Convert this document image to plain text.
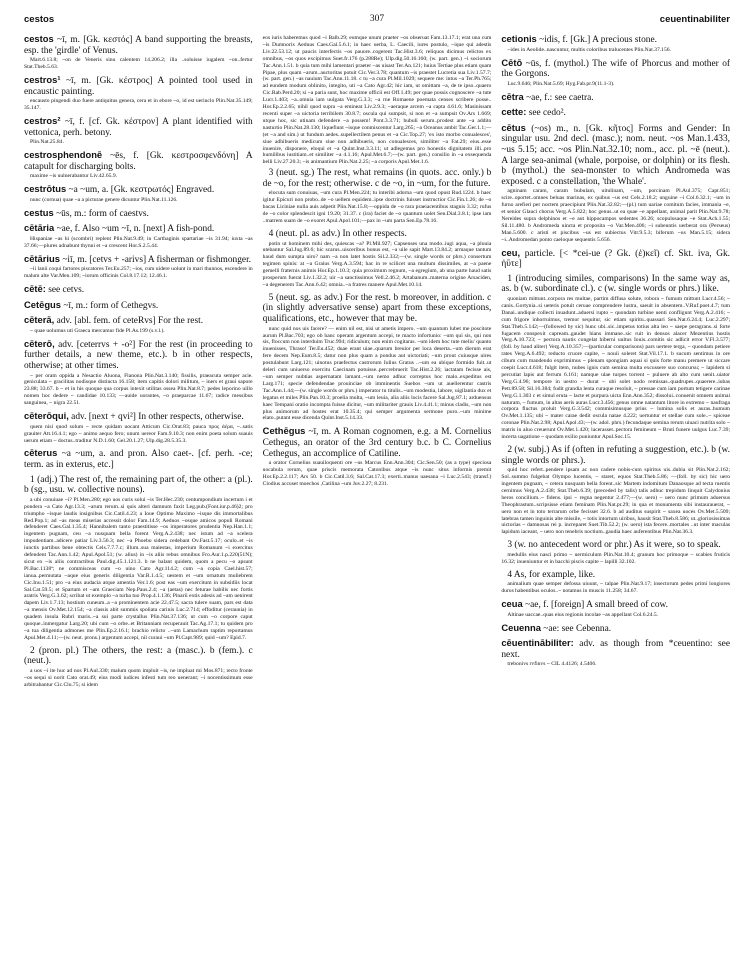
cestos	307	ceuentinabiliter
cestos ~ī, m. [Gk. κεστός] A band supporting the breasts, esp. the 'girdle' of Venus.
Mart.6.13.8; ~on de Veneris sinu calentem 14.206.2; illa ..soluisse iugalem ~on..fertur Stat.Theb.5.63.
cestros¹ ~ī, m. [Gk. κέστρος] A pointed tool used in encaustic painting.
encausto pingendi duo fuere antiquitus genera, cera et in ebore ~o, id est ueriuclo Plin.Nat.35.149; 35.147.
cestros² ~ī, f. [cf. Gk. κέστρον] A plant identified with vettonica, perh. betony.
Plin.Nat.25.84.
cestrosphendonē ~ēs, f. [Gk. κεστροσφενδόνη] A catapult for discharging bolts.
maxime ~is uulnerabantur Liv.42.65.9.
cestrōtus ~a ~um, a. [Gk. κεστρωτός] Engraved.
nunc (cornua) quae ~a a picturae genere dicuntur Plin.Nat.11.126.
cestus ~ūs, m.: form of caestvs.
cētāria ~ae, f. Also ~um ~ī, n. [next] A fish-pond.
Hispaniae ~as hi (scombri) replent Plin.Nat.9.49; in Carthaginis spartariae ~is 31.94; iuxta ~as 37.66;—plures adnabunt thynni et ~a crescent Hor.S.2.5.44.
cētārius ~iī, m. [cetvs + -arivs] A fisherman or fishmonger.
~ii lanii coqui fartores piscatores Ter.Eu.257; ~ios, cum uidere uolunt in mari thunnos, escendere in malum alte Var.Men.109; ~iorum officinis Col.8.17.12; 12.46.1.
cētē: see cetvs.
Cetēgus ~ī, m.: form of Cethegvs.
cēterā, adv. [abl. fem. of ceteRvs] For the rest.
~ quae uolumus uti Graeca mercamur fide Pl.As.199 (s.v.l.).
cēterō, adv. [ceterrvs + -o²] For the rest (in proceeding to further details, a new theme, etc.). b in other respects, otherwise; at other times.
~ per oram oppida a Nesactio Aluona, Flanona Plin.Nat.3.140; fissilis, praeacuta semper acie. geniculata ~ gracilitas nodisque distincta 16.158; item capitis dolori militum, ~ iners et graui sapore 23.88; 33.67. b ~ et in his quoque qua corpus intexit utilitas ossea Plin.Nat.8.7; pedes leporino uillo nomen hoc dedere ~ candidae 10.133; —auide uorantes, ~o praeparcae 11.67; radice messibus sanguinea, ~ nigra 22.51.
cēterōqui, adv. [next + qvi²] In other respects, otherwise.
quem nisi quod solum ~ recte quidam uocant Atticum Cic.Orat.83; pauca προς ἀέρα, ~..satis grauiter Att.16.4.1; ego ~ animo aequo fero; unum uereor Fam.9.10.3; non enim poeta solum suauis uerum etiam ~ doctus..traditur N.D.1.60; Gel.20.1.27; Ulp.dig.28.5.35.3.
cēterus ~a ~um, a. and pron. Also caet-. [cf. perh. -ce; term. as in exterus, etc.]
1 (adj.) The rest of, the remaining part of, the other: a (pl.). b (sg., usu. w. collective nouns).
a ubi conuiuae ~i? Pl.Men.280; ego uos curis solui ~is Ter.Hec.230; centumpondium incertum i et pondera ~a Cato Agr.13.3; ~arum rerum..si quis alteri damnum faxit Leg.pub.(Font.iur.p.46)2; pro triumpho ~isque laudis insignibus Cic.Catil.4.23; a Ioue Optimo Maximo ~isque dis immortalibus Red.Pop.1; ad ~as meas miserias accessit dolor Fam.14.9; Aeduos ~osque amicos populi Romani defenderet Caes.Gal.1.35.4; Hannibalem tanto praestitisse ~os imperatores prudentia Nep.Han.1.1; ingentem pugnam, ceu ~a nusquam bella forent Verg.A.2.438; nec istum ad ~a scelera impudentiam..adicere patiar Liv.3.56.3; nec ~a Phoebo sidera cedebant Ov.Fast.5.17; oculo..et ~is iunctis partibus bene obtectis Cels.7.7.7.c; illum..sua maiestas, imperium Romanum ~i exercitus defendent Tac.Ann.1.42; Apul.Apol.51; (w. alius) in ~is aliis rebus omnibus Fro.Aur.1.p.220(51N); sicut ex ~is aliis contractibus Paul.dig.45.1.121.3. b ne balant quidem, quom a pecu ~o apsunt Pl.Bac.1138ª; ne commisceas cum ~o uino Cato Agr.114.2; cum ~a copia Cael.hist.57; ianua..permutata ~aque eius generis diligentia Var.R.1.4.5; uestem et ~um ornatum muliebrem Cic.Inu.1.51; pro ~a eius audacia atque amentia Ver.1.6; post eas ~um exercitum in subsidiis locat Sal.Cat.59.5; et Spartam et ~am Graeciam Nep.Paus.2.4; ~a (aetas) nec feturae habilis nec fortis aratris Verg.G.3.62; scribat ut exemplo ~a turba tuo Prop.4.1.136; Pinarii extis adesis ad ~am uenirent dapem Liv.1.7.13; hostium cuneum..a ~a prominentem acie 22.47.5; sacra tulere suam, pars est data ~a mensis Ov.Met.12.154; ~a classis abit summis spoliata carinis Luc.2.714; effoditur (ceraunia) in quadem insula Rubri maris..~a sui parte crystallus Plin.Nat.37.136; ut cum ~o corpore caput quoque..inmergatur Larg.20; ubi cum ~o orbe..et Britanniam recuperauit Tac.Ag.17.1; tu quidem pro ~a tua diligentia admones me Plin.Ep.2.16.1; brachio relicto ..~um Lamachum raptim reportamus Apul.Met.4.11;—(w. neut. prons.) argentum accepi, nil curaui ~um Pl.Capt.989; quid ~um? Epid.7.
2 (pron. pl.) The others, the rest: a (masc.). b (fem.). c (neut.).
a uos ~i ite huc ad nos Pl.Aul.330; malum quom impluit ~is, ne impluat mi Mos.871; recto fronte ~os sequi si norit Cato orat.49; eius modi iudices infesti tum reo uenerant; ~i nocentissimum esse arbitrabantur Cic.Clu.75; si idem
eos iuris haberemus quod ~i Balb.29; eumque unum praeter ~os obseruat Fam.13.17.1; erat una cum ~is Dumnorix Aeduus Caes.Gal.5.6.1; in haec uerba, L. Caecili, iures postulo, ~ique qui adestis Liv.22.53.12; ut paucis interfectis ~os pauore..cogerent Tac.Hist.3.6; reliquos dicimus relictos ex omnibus, ~os quos excipimus Suet.fr.176 (p.288Re); Ulp.dig.50.16.160; (w. part. gen.) ~i sociorum Tac.Ann.1.51. b quia tum mihi lamentari praeter ~as uisast Ter.An.121; huius Tertiae plus etiam quam Pipae, plus quam ~arum..auctoritas potuit Cic.Ver.3.78; quantum ~is praestet Lucretia sua Liv.1.57.7; (w. part. gen.) ~as nauium Tac.Ann.11.18. c tu ~a cura Pl.Mil.1029; sequere me: intus ~a Ter.Ph.765; ad eundem modum oblinito, integito, uti ~a Cato Agr.42; hic iam, ut omittam ~a, de te ipso..quaero Cic.Rab.Perd.20; si ~a paria sunt, hoc maxime officii est Off.1.49; per quae possis cognoscere ~a tute Lucr.1.403; ~a..omnia iam uulgata Verg.G.3.3; ~a rne Romaene poemata censes scribere posse.. Hor.Ep.2.2.65; nihil quod supra ~a emineat Liv.2.9.3; ~aeraque arcem ~a capta 4.61.6; Masinissam recenti super ~a uictoria terribilem 30.8.7; oscula qui sumpsit, si non et ~a sumpsit Ov.Ars 1.669; utque hoc, sic utinam defendere ~a possem! Pont.3.3.71; bubuli serum..prodest ante ~a addito nasturtio Plin.Nat.28.130; liquefiunt ~isque conmiscentur Larg.265; ~a Oceanus ambit Tac.Ger.1.1;—(et ~a and sim.) ut fundum aedes..supellectilem penus et ~a Cic.Top.27; 'ex isto morbo conualesces', siue adhibueris medicum siue non adhibueris, non conualesces, similiter ~a Fat.29; eius..esse inuenire, disponere, eloqui et ~a Quint.Inst.3.3.11; ut adlegemus pro honestis dignitatem illi..pro humilibus iustitiam..et similiter ~a 4.1.16; Apul.Met.6.7;—(w. part. gen.) consilio in ~a exsequenda belli Liv.27.20.3; ~is animantium Plin.Nat.2.25; ~a corporis Apul.Met.1.6.
3 (neut. sg.) The rest, what remains (in quots. acc. only.) b de ~o, for the rest; otherwise. c de ~o, in ~um, for the future.
elocuta sum conuiuas, ~um cura Pl.Men.224; tu interibi adorna ~um quod opust Rud.1224. b haec igitur Epicuri non probo..de ~o uellem equidem..ipse doctrinis fuisset instructior Cic.Fin.1.26; de ~o bacas Liciniae nulla auis adpetit Plin.Nat.15.8;—oppida de ~o rara praeiacentibus stagnis 3.32; rufus de ~o color splendescit igni 19.20; 31.37. c (ira) faciet de ~o quantum uolet Sen.Dial.3.8.1; ipse iam ..matrem suam de ~o exoret Apul.Apol.101;—pax in ~um parta Sen.Ep.78.16.
4 (neut. pl. as adv.) In other respects.
potin ut hominem mihi des, quiescas ~a? Pl.Mil.927; Capsenses una modo..iugi aqua, ~a pluuia utebantur Sal.Jug.89.6; hic scarus..uisceribus bonus est, ~a uile sapit Mart.13.84.2; armaque tantum haud dum sumpta uiro? nam ~a non latet hostis Sil.2.332;—(w. single words or phrs.) consertum tegimen spinis: at ~a Graius Verg.A.3.594; hac in re scilicet una multum dissimiles, at ~a paene gemelli fraternis animis Hor.Ep.1.10.3; quia proximum regnum, ~a egregium, ab una parte haud satis prosperum fuerat Liv.1.32.2; uir ~a sanctissimus Vell.2.46.2; Artabanum..materna origine Arsaciden, ~a degenerem Tac.Ann.6.42; omnia..~a fratres manere Apul.Met.10.14.
5 (neut. sg. as adv.) For the rest. b moreover, in addition. c (in slightly adversative sense) apart from these exceptions, qualifications, etc., however that may be.
nunc quid nos uis facere? — enim nil est, nisi ut ametis impero. ~um quantum lubet me poscitote aurum Pl.Bac.703; ego ob hanc operam argentum accepi, te macto infortunio: ~um qui sis, qui non sis, floccum non interduim Truc.994; ridiculum; non enim cogitaras. ~um idem hoc tute meliu' quanto inuenisses, Thraso! Ter.Eu.452; duae erant uiae..quarum breuior per loca deserta..~um dierum erat fere decem Nep.Eum.8.5; datur non plus quam a pondus aut uictoriati; ~um prout cuiusque uires postulabunt Larg.121; uinotus praefectus castrorum Iulius Gratus ..~um ea ubique formido fuit..ut deleri cum uniuerso exercitu Caecinam potuisse..percrebruerit Tac.Hist.2.26; iactatam fecisse ais, ~um semper nubtias aspernatam lamant..~um nemo adhuc correptus hoc malo..expeditus est Larg.171; specie defendendae prouinciae ob imminentis Suebos ~um ut auellerentur castris Tac.Ann.1.44;—(w. single words or phrs.) imperator tu titulis..~um modestia, labore, uigilantia dux et legatus et miles Plin.Pan.10.3; proelia multa, ~um leuia, alia aliis locis facere Sal.Jug.87.1; arduensus haec Tempani oratio incompta fuisse dicitur, ~um militariter grauis Liv.4.41.1; minus cladis, ~um non plus animorum ad hostes erat 10.35.4; qui semper argumenta sermone puro..~um minime elato..putant esse dicenda Quint.Inst.5.14.33.
Cethēgus ~ī, m. A Roman cognomen, e.g. a M. Cornelius Cethegus, an orator of the 3rd century b.c. b C. Cornelius Cethegus, an accomplice of Catiline.
a orator Cornelius suauiloquenti ore ~us Marcus Enn.Ann.304; Cic.Sen.50; (as a type) speciosa uocabula rerum, quae priscis memorata Catonibus atque ~is nunc situs informis premit Hor.Ep.2.2.117; Ars 50. b Cic.Catil.3.6; Sal.Cat.17.3; exerti..manus uaesana ~i Luc.2.543; (transf.) Clodius accuset moechos ,Catilina ~um Juv.2.27; 8.231.
cetionis ~idis, f. [Gk.] A precious stone.
~ides in Aeolide..nascuntur, multis coloribus tralucentes Plin.Nat.37.156.
Cētō ~ūs, f. (mythol.) The wife of Phorcus and mother of the Gorgons.
Luc.9.646; Plin.Nat.5.69; Hyg.Fab.pr.9(11.1-3).
cētra ~ae, f.: see caetra.
cette: see cedo².
cētus (~os) m., n. [Gk. κῆτος] Forms and Gender: In singular usu. 2nd decl. (masc.); nom. neut. ~os Man.1.433, ~us 5.15; acc. ~os Plin.Nat.32.10; nom., acc. pl. ~ē (neut.). A large sea-animal (whale, porpoise, or dolphin) or its flesh. b (mythol.) the sea-monster to which Andromeda was exposed. c a constellation, 'the Whale'.
agninam caram, caram bubulam, uitulinam, ~um, porcinam Pl.Aul.375; Capt.851; scire..oportet..omnes beluas marinas, ex quibus ~us est Cels.2.18.2; unguine ~i Col.6.32.1; ~um in furno arefieri per noctem praecipiunt Plin.Nat.32.82;—(pl.) tum uariae comitum facies, immania ~e, et senior Glauci chorus Verg.A.5.822; hoc genus..ut ea quae ~e appellant, animal parit Plin.Nat.9.78; Nereides supra delphinos et ~e aut hippocampos sedentes 36.26; scopulosaque ~e Stat.Ach.1.55; Sil.11.480. b Andromeda uincta et proposita ~o Var.Men.406; ~i subeuntis uerberat ora (Perseus) Man.5.600. c aristi et piscibus ~us est subiectus Vitr.9.5.3; biferum ~us Man.5.15; sidera ~i..Andromedan ponto caeloque sequentis 5.656.
ceu, particle. [< *cei-ue (? Gk. (ἐ)κεῖ) cf. Skt. iva, Gk. ἠΰτε]
1 (introducing similes, comparisons) In the same way as, as. b (w. subordinate cl.). c (w. single words or phrs.) like.
quoniam mittunt..corpora res multae, partim diffusa solute, robora ~ fumum mittunt Lucr.4.56; ~ canis..Gortynia..si ueteris potuit ceruae comprendere lustra, saeuit in absentem..V.Ruf.poet.4.7; tum Danai..undique collecti inuadunt..aduersi rupto ~ quondam turbine uenti confligunt Verg.A.2.416; ~ cum frigore inhorruimus, tremor sequitur, sic etiam spiritu..quassari Sen.Nat.6.24.4; Luc.2.297; Stat.Theb.5.142;—(followed by sic) hunc ubi..sic..impetus totius alta leo ~ saepe peragrans..si forte fugacem conspexit capream..gaudet hians immane..sic ruit in densos alacer Mezentius hostis Verg.A.10.723; ~ pectora nautis congelat hiberni uultus Iouis..comitis sic adlicit error V.Fl.3.577; (foll. by haud aliter) Verg.A.10.357;—(particular comparisons) pars uertere terga, ~ quondam petiere rates Verg.A.6.492; reducto cruore capite, ~ nouii soleret Stat.Vil.17.1. b sucum sentimus in ore cibum cum mandendo exprimimus ~ plenam spongiam aquai si quis forte manu premere ut siccare coepit Lucr.4.618; fulgit item, nubes ignis cum semina multa excussere suo concursu; ~ lapidem si percutiat lapis aut ferrum 6.161; namque ulae turpes torrent ~ puluere ab alto cum uenit..uiator Verg.G.4.96; tempore in uestro ~ durat ~ ubi solet nodo remissas..quadrupes..quaerere..iubas Petr.89.58; Sil.16.384; fudit grandia lenta curaque resoluit, ~ pressae cum iam portum tetigere carinae Verg.G.1.303 c et simul eruta ~ lacte et purpura uicta Enn.Ann.352; dissolui..conuenit omnem animai naturam, ~ fumum, in altas aeris auras Lucr.3.456; genus omne natantum litore in extremo ~ naufraga corpora fluctus proluit Verg.G.3.542; commisimusque prius ~ lumina solis et auras..humum Ov.Met.1.135; ubi ~ mater carae dedit oscula natae 4.222; uertuntur et stellae cum sole..~ spiceae coronae Plin.Nat.2.98; Apul.Apol.43;—(w. adol. phrs.) fecundaque semina rerum uiuaci nutrita solo ~ matris in aluo creuerunt Ov.Met.1.420; lacerasset..pectora femineum ~ Bruti funere uulgus Luc.7.39; incerta uagatione ~ quodam exilio puniuntur Apul.Soc.15.
2 (w. subj.) As if (often in refuting a suggestion, etc.). b (w. single words or phrs.).
quid hoc refert..pendere ipsam ac non cadere nobis-cum spiritus uis..dubia sit Plin.Nat.2.162; Sol..summo fulgebat Olympo lucentis, ~ staret, equos Stat.Theb.5.86; —(foll. by sic) hic uero ingentem pugnam, ~ cetera nusquam bella forent..sic Martem indomitum Danaosque ad tecta ruentis cernimus Verg.A.2.438; Stat.Theb.6.39; (preceded by talis) talis adhuc trepidum linquit Calydonius heros concilium..~ fidens. ipsi ~ regna negentur 2.477;—(w. uero) ~ uero nunc primum aduersus Theophrastum..scripsisse etiam feminam Plin.Nat.pr.29; in qua et monumenta sibi instaurauerat, ~ uero non et in toto terrarum orbe fecisset 32.6. b ad auditus suspirit ~ saxea uoces Ov.Met.5.509; latebras tamen inguinis alte missile, ~ totis intortum uiribus, hausit Stat.Theb.8.586; ut..gloriosissimas uictorias ~ damnosas rei p. increparet Suet.Tib.52.2; (w. uero) ista fecere..mortales ..ut inter maculas lapidum iaceant, ~ uero non tenebris noctium..gaudia haec auferentibus Plin.Nat.36.3.
3 (w. no antecedent word or phr.) As it were, so to speak.
medullis eius nasci primo ~ uermiculum Plin.Nat.10.4; granum hoc primoque ~ scabies fruticis 16.32; inueniuntur et in bacchi piscis capite ~ lapilli 32.102.
4 As, for example, like.
animalium quae semper defossa uiuunt, ~ talpae Plin.Nat.9.17; insectorum pedes primi longiores duros habentibus oculos..~ notamus in muscis 11.258; 34.67.
ceua ~ae, f. [foreign] A small breed of cow.
Altinae uaccae..quas eius regionis incolae ~as appellant Col.6.24.5.
Ceuenna ~ae: see Cebenna.
cēuentinābiliter: adv. as though from *ceuentino: see next.
trebonivs rvfinvs ~ CIL 4.4126; 4.5406.
